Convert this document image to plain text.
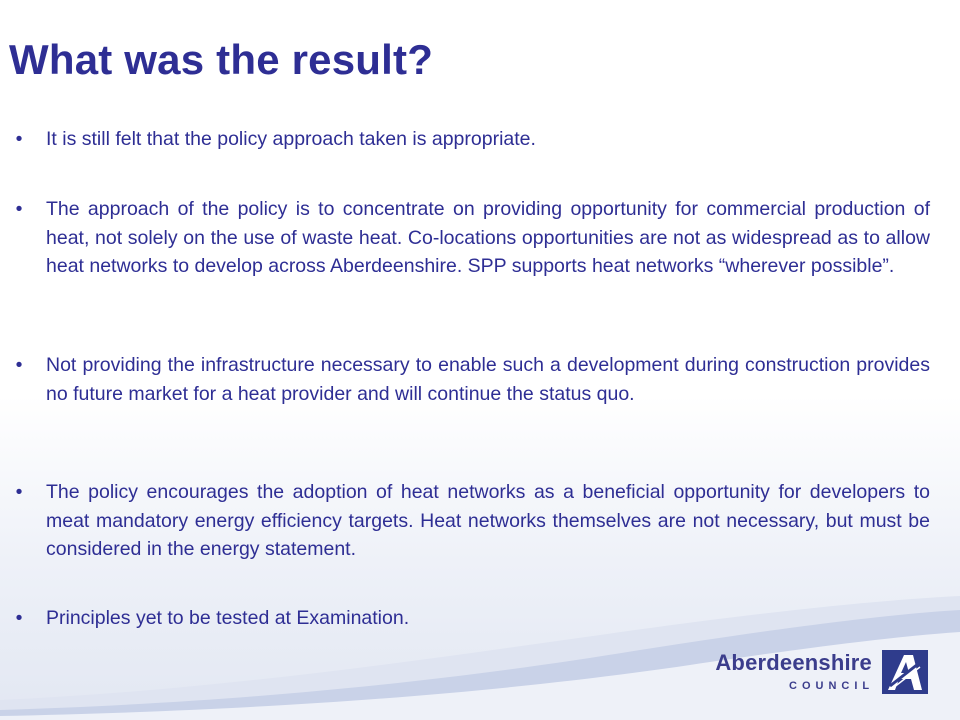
What was the result?
•	It is still felt that the policy approach taken is appropriate.
•	The approach of the policy is to concentrate on providing opportunity for commercial production of heat, not solely on the use of waste heat. Co-locations opportunities are not as widespread as to allow heat networks to develop across Aberdeenshire. SPP supports heat networks “wherever possible”.
•	Not providing the infrastructure necessary to enable such a development during construction provides no future market for a heat provider and will continue the status quo.
•	The policy encourages the adoption of heat networks as a beneficial opportunity for developers to meat mandatory energy efficiency targets. Heat networks themselves are not necessary, but must be considered in the energy statement.
•	Principles yet to be tested at Examination.
Aberdeenshire
COUNCIL
